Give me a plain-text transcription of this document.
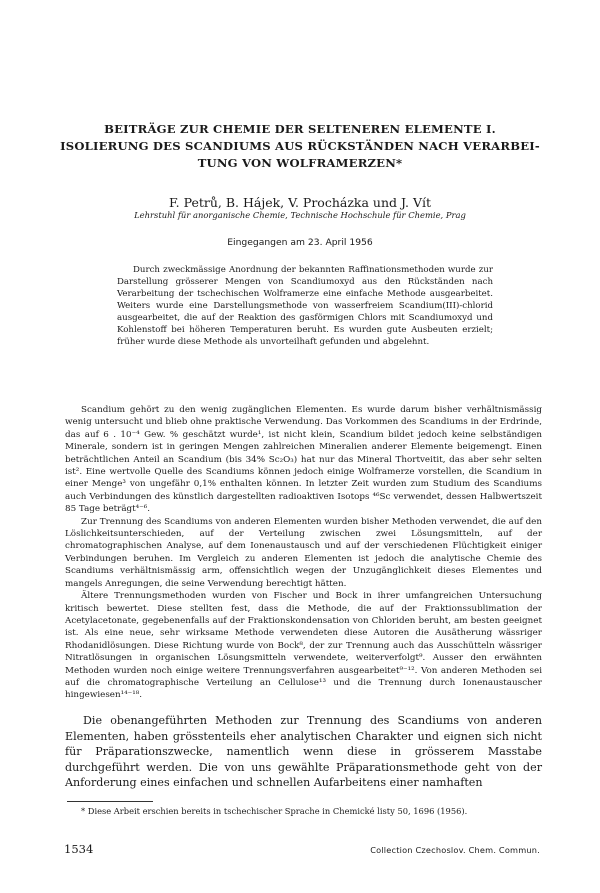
BEITRÄGE ZUR CHEMIE DER SELTENEREN ELEMENTE I.
ISOLIERUNG DES SCANDIUMS AUS RÜCKSTÄNDEN NACH VERARBEI-
TUNG VON WOLFRAMERZEN*
F. Petrů, B. Hájek, V. Procházka und J. Vít
Lehrstuhl für anorganische Chemie, Technische Hochschule für Chemie, Prag
Eingegangen am 23. April 1956

Durch zweckmässige Anordnung der bekannten Raffinationsmethoden wurde zur Darstellung grösserer Mengen von Scandiumoxyd aus den Rückständen nach Verarbeitung der tschechischen Wolframerze eine einfache Methode ausgearbeitet. Weiters wurde eine Darstellungsmethode von wasserfreiem Scandium(III)-chlorid ausgearbeitet, die auf der Reaktion des gasförmigen Chlors mit Scandiumoxyd und Kohlenstoff bei höheren Temperaturen beruht. Es wurden gute Ausbeuten erzielt; früher wurde diese Methode als unvorteilhaft gefunden und abgelehnt.

Scandium gehört zu den wenig zugänglichen Elementen. Es wurde darum bisher verhältnismässig wenig untersucht und blieb ohne praktische Verwendung. Das Vorkommen des Scandiums in der Erdrinde, das auf 6 . 10⁻⁴ Gew. % geschätzt wurde¹, ist nicht klein, Scandium bildet jedoch keine selbständigen Minerale, sondern ist in geringen Mengen zahlreichen Mineralien anderer Elemente beigemengt. Einen beträchtlichen Anteil an Scandium (bis 34% Sc₂O₃) hat nur das Mineral Thortveitit, das aber sehr selten ist². Eine wertvolle Quelle des Scandiums können jedoch einige Wolframerze vorstellen, die Scandium in einer Menge³ von ungefähr 0,1% enthalten können. In letzter Zeit wurden zum Studium des Scandiums auch Verbindungen des künstlich dargestellten radioaktiven Isotops ⁴⁶Sc verwendet, dessen Halbwertszeit 85 Tage beträgt⁴⁻⁶.

Zur Trennung des Scandiums von anderen Elementen wurden bisher Methoden verwendet, die auf den Löslichkeitsunterschieden, auf der Verteilung zwischen zwei Lösungsmitteln, auf der chromatographischen Analyse, auf dem Ionenaustausch und auf der verschiedenen Flüchtigkeit einiger Verbindungen beruhen. Im Vergleich zu anderen Elementen ist jedoch die analytische Chemie des Scandiums verhältnismässig arm, offensichtlich wegen der Unzugänglichkeit dieses Elementes und mangels Anregungen, die seine Verwendung berechtigt hätten.

Ältere Trennungsmethoden wurden von Fischer und Bock in ihrer umfangreichen Untersuchung kritisch bewertet. Diese stellten fest, dass die Methode, die auf der Fraktionssublimation der Acetylacetonate, gegebenenfalls auf der Fraktionskondensation von Chloriden beruht, am besten geeignet ist. Als eine neue, sehr wirksame Methode verwendeten diese Autoren die Ausätherung wässriger Rhodanidlösungen. Diese Richtung wurde von Bock⁸, der zur Trennung auch das Ausschütteln wässriger Nitratlösungen in organischen Lösungsmitteln verwendete, weiterverfolgt⁹. Ausser den erwähnten Methoden wurden noch einige weitere Trennungsverfahren ausgearbeitet⁹⁻¹². Von anderen Methoden sei auf die chromatographische Verteilung an Cellulose¹³ und die Trennung durch Ionenaustauscher hingewiesen¹⁴⁻¹⁸.

Die obenangeführten Methoden zur Trennung des Scandiums von anderen Elementen, haben grösstenteils eher analytischen Charakter und eignen sich nicht für Präparationszwecke, namentlich wenn diese in grösserem Masstabe durchgeführt werden. Die von uns gewählte Präparationsmethode geht von der Anforderung eines einfachen und schnellen Aufarbeitens einer namhaften

* Diese Arbeit erschien bereits in tschechischer Sprache in Chemické listy 50, 1696 (1956).
1534	Collection Czechoslov. Chem. Commun.
